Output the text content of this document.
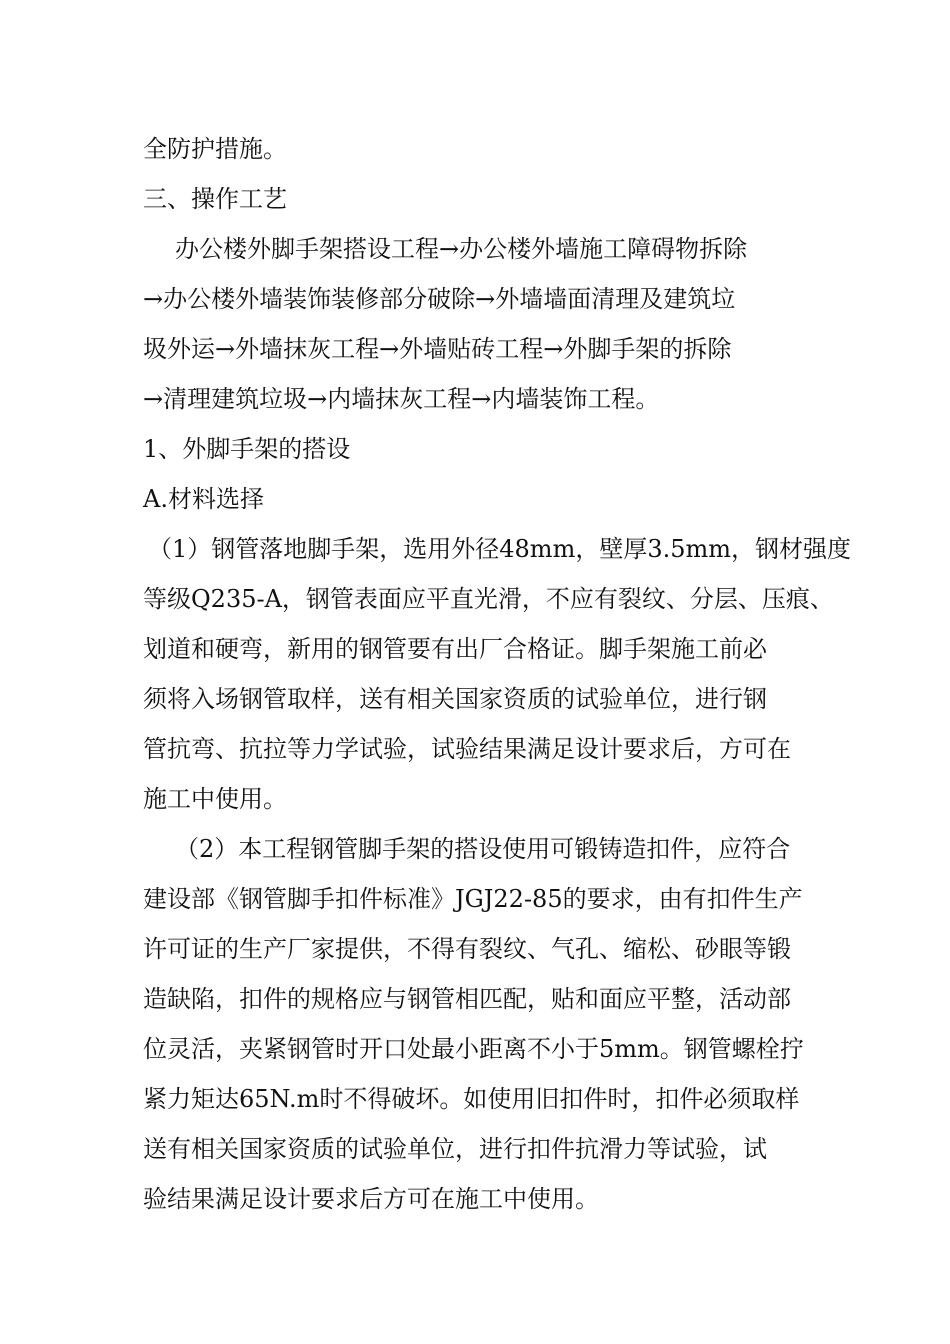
全防护措施。
三、操作工艺
办公楼外脚手架搭设工程→办公楼外墙施工障碍物拆除
→办公楼外墙装饰装修部分破除→外墙墙面清理及建筑垃
圾外运→外墙抹灰工程→外墙贴砖工程→外脚手架的拆除
→清理建筑垃圾→内墙抹灰工程→内墙装饰工程。
1、外脚手架的搭设
A.材料选择
（1）钢管落地脚手架，选用外径48mm，壁厚3.5mm，钢材强度
等级Q235-A，钢管表面应平直光滑，不应有裂纹、分层、压痕、
划道和硬弯，新用的钢管要有出厂合格证。脚手架施工前必
须将入场钢管取样，送有相关国家资质的试验单位，进行钢
管抗弯、抗拉等力学试验，试验结果满足设计要求后，方可在
施工中使用。
（2）本工程钢管脚手架的搭设使用可锻铸造扣件，应符合
建设部《钢管脚手扣件标准》JGJ22-85的要求，由有扣件生产
许可证的生产厂家提供，不得有裂纹、气孔、缩松、砂眼等锻
造缺陷，扣件的规格应与钢管相匹配，贴和面应平整，活动部
位灵活，夹紧钢管时开口处最小距离不小于5mm。钢管螺栓拧
紧力矩达65N.m时不得破坏。如使用旧扣件时，扣件必须取样
送有相关国家资质的试验单位，进行扣件抗滑力等试验，试
验结果满足设计要求后方可在施工中使用。
